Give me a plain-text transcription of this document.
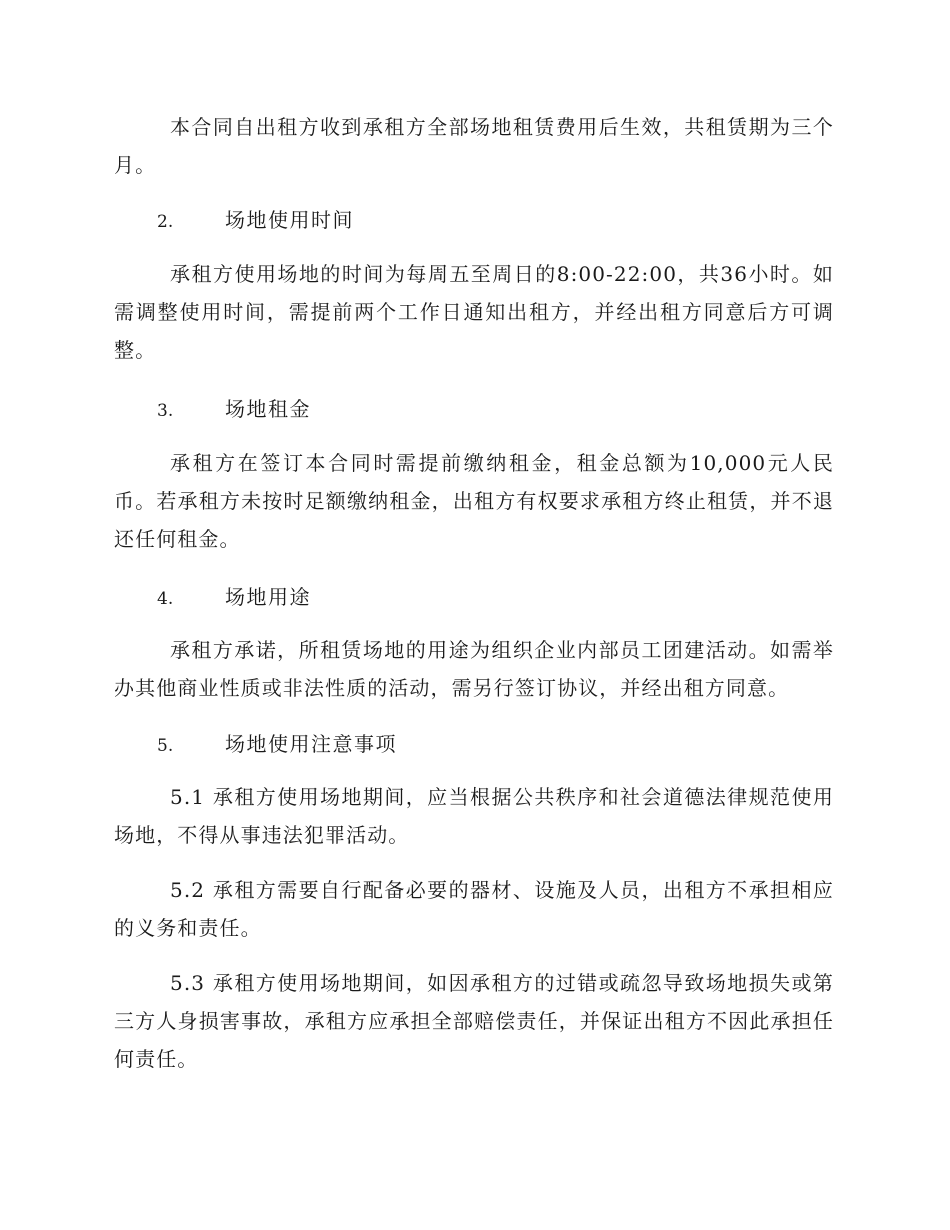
本合同自出租方收到承租方全部场地租赁费用后生效，共租赁期为三个月。

2.	场地使用时间

承租方使用场地的时间为每周五至周日的8:00-22:00，共36小时。如需调整使用时间，需提前两个工作日通知出租方，并经出租方同意后方可调整。

3.	场地租金

承租方在签订本合同时需提前缴纳租金，租金总额为10,000元人民币。若承租方未按时足额缴纳租金，出租方有权要求承租方终止租赁，并不退还任何租金。

4.	场地用途

承租方承诺，所租赁场地的用途为组织企业内部员工团建活动。如需举办其他商业性质或非法性质的活动，需另行签订协议，并经出租方同意。

5.	场地使用注意事项

5.1 承租方使用场地期间，应当根据公共秩序和社会道德法律规范使用场地，不得从事违法犯罪活动。

5.2 承租方需要自行配备必要的器材、设施及人员，出租方不承担相应的义务和责任。

5.3 承租方使用场地期间，如因承租方的过错或疏忽导致场地损失或第三方人身损害事故，承租方应承担全部赔偿责任，并保证出租方不因此承担任何责任。
